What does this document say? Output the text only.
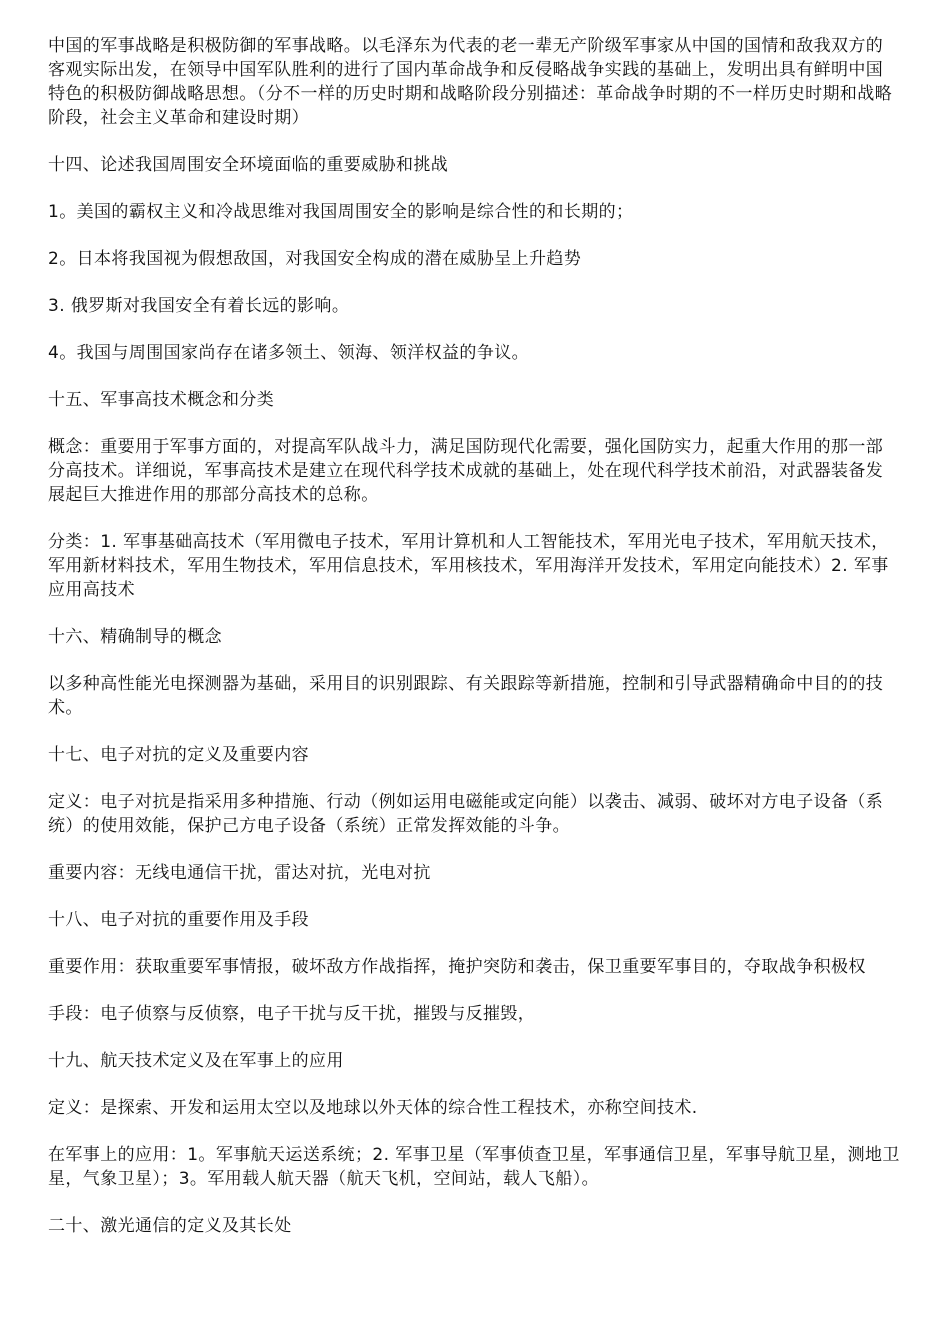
中国的军事战略是积极防御的军事战略。以毛泽东为代表的老一辈无产阶级军事家从中国的国情和敌我双方的客观实际出发，在领导中国军队胜利的进行了国内革命战争和反侵略战争实践的基础上，发明出具有鲜明中国特色的积极防御战略思想。（分不一样的历史时期和战略阶段分别描述：革命战争时期的不一样历史时期和战略阶段，社会主义革命和建设时期）

十四、论述我国周围安全环境面临的重要威胁和挑战

1。美国的霸权主义和冷战思维对我国周围安全的影响是综合性的和长期的；

2。日本将我国视为假想敌国，对我国安全构成的潜在威胁呈上升趋势

3. 俄罗斯对我国安全有着长远的影响。

4。我国与周围国家尚存在诸多领土、领海、领洋权益的争议。

十五、军事高技术概念和分类

概念：重要用于军事方面的，对提高军队战斗力，满足国防现代化需要，强化国防实力，起重大作用的那一部分高技术。详细说，军事高技术是建立在现代科学技术成就的基础上，处在现代科学技术前沿，对武器装备发展起巨大推进作用的那部分高技术的总称。

分类：1. 军事基础高技术（军用微电子技术，军用计算机和人工智能技术，军用光电子技术，军用航天技术，军用新材料技术，军用生物技术，军用信息技术，军用核技术，军用海洋开发技术，军用定向能技术）2. 军事应用高技术

十六、精确制导的概念

以多种高性能光电探测器为基础，采用目的识别跟踪、有关跟踪等新措施，控制和引导武器精确命中目的的技术。

十七、电子对抗的定义及重要内容

定义：电子对抗是指采用多种措施、行动（例如运用电磁能或定向能）以袭击、减弱、破坏对方电子设备（系统）的使用效能，保护己方电子设备（系统）正常发挥效能的斗争。

重要内容：无线电通信干扰，雷达对抗，光电对抗

十八、电子对抗的重要作用及手段

重要作用：获取重要军事情报，破坏敌方作战指挥，掩护突防和袭击，保卫重要军事目的，夺取战争积极权

手段：电子侦察与反侦察，电子干扰与反干扰，摧毁与反摧毁，

十九、航天技术定义及在军事上的应用

定义：是探索、开发和运用太空以及地球以外天体的综合性工程技术，亦称空间技术.

在军事上的应用：1。军事航天运送系统；2. 军事卫星（军事侦查卫星，军事通信卫星，军事导航卫星，测地卫星，气象卫星）；3。军用载人航天器（航天飞机，空间站，载人飞船）。

二十、激光通信的定义及其长处
